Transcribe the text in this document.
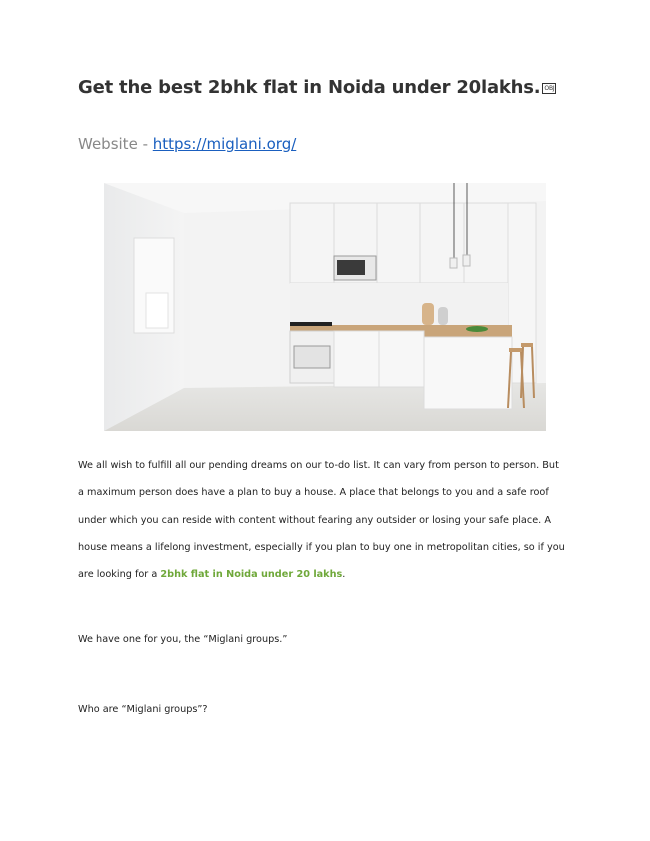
Get the best 2bhk flat in Noida under 20lakhs. OBJ
Website - https://miglani.org/
We all wish to fulfill all our pending dreams on our to-do list. It can vary from person to person. But
a maximum person does have a plan to buy a house. A place that belongs to you and a safe roof
under which you can reside with content without fearing any outsider or losing your safe place. A
house means a lifelong investment, especially if you plan to buy one in metropolitan cities, so if you
are looking for a 2bhk flat in Noida under 20 lakhs.
We have one for you, the “Miglani groups.”
Who are “Miglani groups”?
